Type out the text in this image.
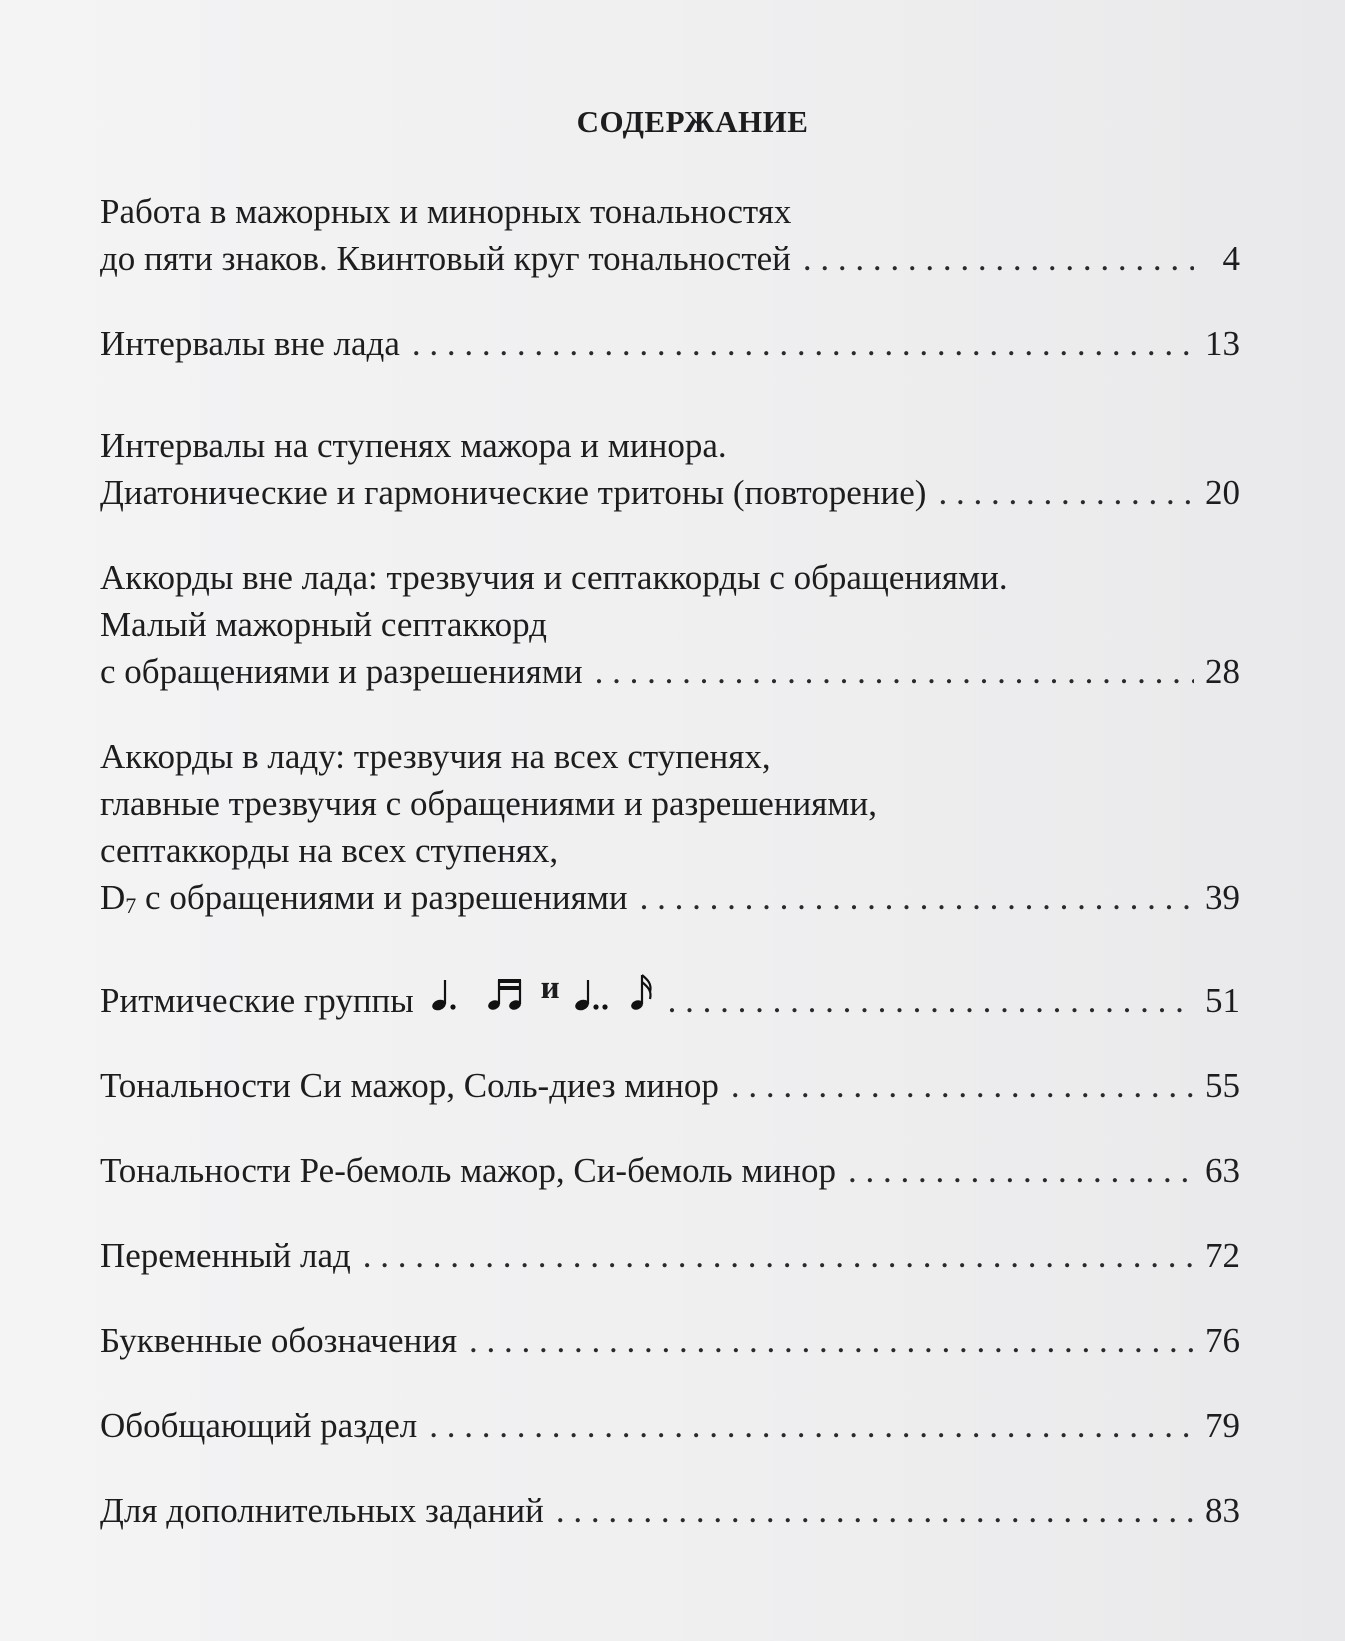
СОДЕРЖАНИЕ
Работа в мажорных и минорных тональностях
до пяти знаков. Квинтовый круг тональностей . . .	4
Интервалы вне лада . . .	13
Интервалы на ступенях мажора и минора.
Диатонические и гармонические тритоны (повторение) . . .	20
Аккорды вне лада: трезвучия и септаккорды с обращениями.
Малый мажорный септаккорд
с обращениями и разрешениями . . .	28
Аккорды в ладу: трезвучия на всех ступенях,
главные трезвучия с обращениями и разрешениями,
септаккорды на всех ступенях,
$D_7$ с обращениями и разрешениями . . .	39
Ритмические группы	и . . .	51
Тональности Си мажор, Соль-диез минор . . .	55
Тональности Ре-бемоль мажор, Си-бемоль минор . . .	63
Переменный лад . . .	72
Буквенные обозначения . . .	76
Обобщающий раздел . . .	79
Для дополнительных заданий . . .	83
